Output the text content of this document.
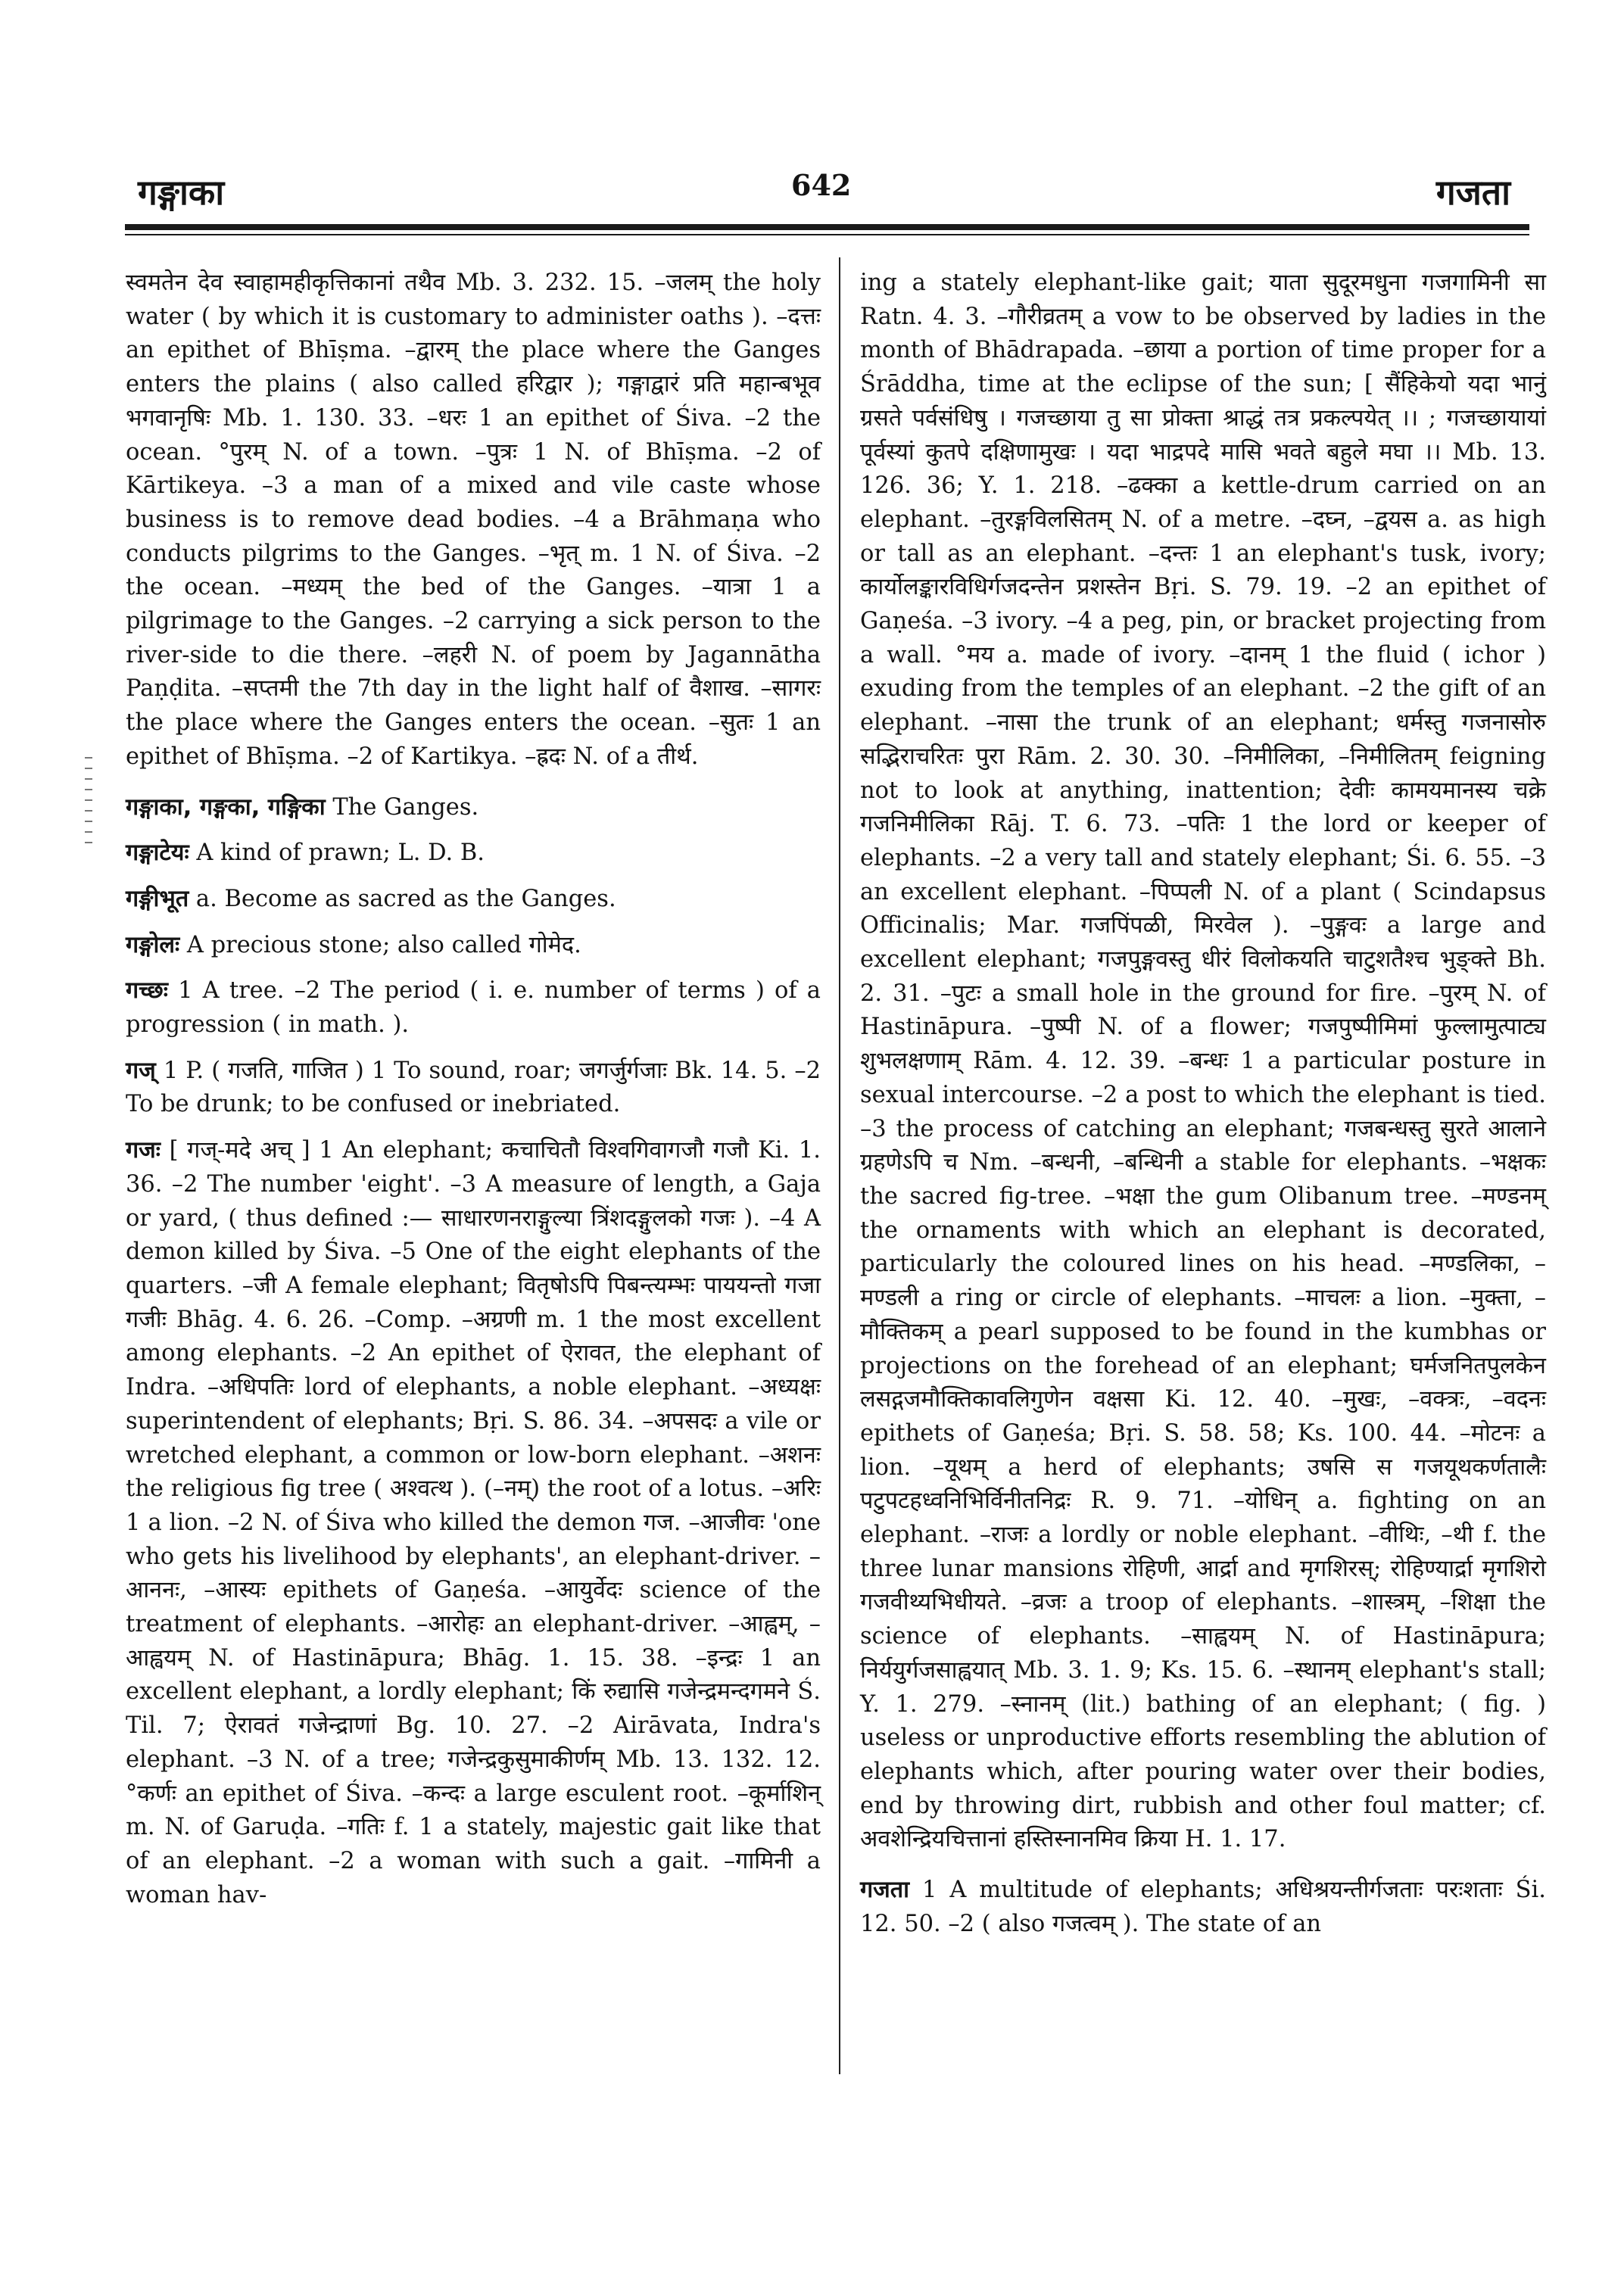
गङ्गाका	642	गजता

स्वमतेन देव स्वाहामहीकृत्तिकानां तथैव Mb. 3. 232. 15. –जलम् the holy water ( by which it is customary to administer oaths ). –दत्तः an epithet of Bhīṣma. –द्वारम् the place where the Ganges enters the plains ( also called हरिद्वार ); गङ्गाद्वारं प्रति महान्बभूव भगवानृषिः Mb. 1. 130. 33. –धरः 1 an epithet of Śiva. –2 the ocean. °पुरम् N. of a town. –पुत्रः 1 N. of Bhīṣma. –2 of Kārtikeya. –3 a man of a mixed and vile caste whose business is to remove dead bodies. –4 a Brāhmaṇa who conducts pilgrims to the Ganges. –भृत् m. 1 N. of Śiva. –2 the ocean. –मध्यम् the bed of the Ganges. –यात्रा 1 a pilgrimage to the Ganges. –2 carrying a sick person to the river-side to die there. –लहरी N. of poem by Jagannātha Paṇḍita. –सप्तमी the 7th day in the light half of वैशाख. –सागरः the place where the Ganges enters the ocean. –सुतः 1 an epithet of Bhīṣma. –2 of Kartikya. –ह्रदः N. of a तीर्थ.

गङ्गाका, गङ्गका, गङ्गिका The Ganges.

गङ्गाटेयः A kind of prawn; L. D. B.

गङ्गीभूत a. Become as sacred as the Ganges.

गङ्गोलः A precious stone; also called गोमेद.

गच्छः 1 A tree. –2 The period ( i. e. number of terms ) of a progression ( in math. ).

गज् 1 P. ( गजति, गाजित ) 1 To sound, roar; जगर्जुर्गजाः Bk. 14. 5. –2 To be drunk; to be confused or inebriated.

गजः [ गज्-मदे अच् ] 1 An elephant; कचाचितौ विश्वगिवागजौ गजौ Ki. 1. 36. –2 The number 'eight'. –3 A measure of length, a Gaja or yard, ( thus defined :— साधारणनराङ्गुल्या त्रिंशदङ्गुलको गजः ). –4 A demon killed by Śiva. –5 One of the eight elephants of the quarters. –जी A female elephant; वितृषोऽपि पिबन्त्यम्भः पाययन्तो गजा गजीः Bhāg. 4. 6. 26. –Comp. –अग्रणी m. 1 the most excellent among elephants. –2 An epithet of ऐरावत, the elephant of Indra. –अधिपतिः lord of elephants, a noble elephant. –अध्यक्षः superintendent of elephants; Bṛi. S. 86. 34. –अपसदः a vile or wretched elephant, a common or low-born elephant. –अशनः the religious fig tree ( अश्वत्थ ). (–नम्) the root of a lotus. –अरिः 1 a lion. –2 N. of Śiva who killed the demon गज. –आजीवः 'one who gets his livelihood by elephants', an elephant-driver. –आननः, –आस्यः epithets of Gaṇeśa. –आयुर्वेदः science of the treatment of elephants. –आरोहः an elephant-driver. –आह्वम्, –आह्वयम् N. of Hastināpura; Bhāg. 1. 15. 38. –इन्द्रः 1 an excellent elephant, a lordly elephant; किं रुद्यासि गजेन्द्रमन्दगमने Ś. Til. 7; ऐरावतं गजेन्द्राणां Bg. 10. 27. –2 Airāvata, Indra's elephant. –3 N. of a tree; गजेन्द्रकुसुमाकीर्णम् Mb. 13. 132. 12. °कर्णः an epithet of Śiva. –कन्दः a large esculent root. –कूर्माशिन् m. N. of Garuḍa. –गतिः f. 1 a stately, majestic gait like that of an elephant. –2 a woman with such a gait. –गामिनी a woman hav-

ing a stately elephant-like gait; याता सुदूरमधुना गजगामिनी सा Ratn. 4. 3. –गौरीव्रतम् a vow to be observed by ladies in the month of Bhādrapada. –छाया a portion of time proper for a Śrāddha, time at the eclipse of the sun; [ सैंहिकेयो यदा भानुं ग्रसते पर्वसंधिषु । गजच्छाया तु सा प्रोक्ता श्राद्धं तत्र प्रकल्पयेत् ।। ; गजच्छायायां पूर्वस्यां कुतपे दक्षिणामुखः । यदा भाद्रपदे मासि भवते बहुले मघा ।। Mb. 13. 126. 36; Y. 1. 218. –ढक्का a kettle-drum carried on an elephant. –तुरङ्गविलसितम् N. of a metre. –दघ्न, –द्वयस a. as high or tall as an elephant. –दन्तः 1 an elephant's tusk, ivory; कार्योलङ्कारविधिर्गजदन्तेन प्रशस्तेन Bṛi. S. 79. 19. –2 an epithet of Gaṇeśa. –3 ivory. –4 a peg, pin, or bracket projecting from a wall. °मय a. made of ivory. –दानम् 1 the fluid ( ichor ) exuding from the temples of an elephant. –2 the gift of an elephant. –नासा the trunk of an elephant; धर्मस्तु गजनासोरु सद्भिराचरितः पुरा Rām. 2. 30. 30. –निमीलिका, –निमीलितम् feigning not to look at anything, inattention; देवीः कामयमानस्य चक्रे गजनिमीलिका Rāj. T. 6. 73. –पतिः 1 the lord or keeper of elephants. –2 a very tall and stately elephant; Śi. 6. 55. –3 an excellent elephant. –पिप्पली N. of a plant ( Scindapsus Officinalis; Mar. गजपिंपळी, मिरवेल ). –पुङ्गवः a large and excellent elephant; गजपुङ्गवस्तु धीरं विलोकयति चाटुशतैश्च भुङ्क्ते Bh. 2. 31. –पुटः a small hole in the ground for fire. –पुरम् N. of Hastināpura. –पुष्पी N. of a flower; गजपुष्पीमिमां फुल्लामुत्पाट्य शुभलक्षणाम् Rām. 4. 12. 39. –बन्धः 1 a particular posture in sexual intercourse. –2 a post to which the elephant is tied. –3 the process of catching an elephant; गजबन्धस्तु सुरते आलाने ग्रहणेऽपि च Nm. –बन्धनी, –बन्धिनी a stable for elephants. –भक्षकः the sacred fig-tree. –भक्षा the gum Olibanum tree. –मण्डनम् the ornaments with which an elephant is decorated, particularly the coloured lines on his head. –मण्डलिका, –मण्डली a ring or circle of elephants. –माचलः a lion. –मुक्ता, –मौक्तिकम् a pearl supposed to be found in the kumbhas or projections on the forehead of an elephant; घर्मजनितपुलकेन लसद्गजमौक्तिकावलिगुणेन वक्षसा Ki. 12. 40. –मुखः, –वक्त्रः, –वदनः epithets of Gaṇeśa; Bṛi. S. 58. 58; Ks. 100. 44. –मोटनः a lion. –यूथम् a herd of elephants; उषसि स गजयूथकर्णतालैः पटुपटहध्वनिभिर्विनीतनिद्रः R. 9. 71. –योधिन् a. fighting on an elephant. –राजः a lordly or noble elephant. –वीथिः, –थी f. the three lunar mansions रोहिणी, आर्द्रा and मृगशिरस्; रोहिण्यार्द्रा मृगशिरो गजवीथ्यभिधीयते. –व्रजः a troop of elephants. –शास्त्रम्, –शिक्षा the science of elephants. –साह्वयम् N. of Hastināpura; निर्ययुर्गजसाह्वयात् Mb. 3. 1. 9; Ks. 15. 6. –स्थानम् elephant's stall; Y. 1. 279. –स्नानम् (lit.) bathing of an elephant; ( fig. ) useless or unproductive efforts resembling the ablution of elephants which, after pouring water over their bodies, end by throwing dirt, rubbish and other foul matter; cf. अवशेन्द्रियचित्तानां हस्तिस्नानमिव क्रिया H. 1. 17.

गजता 1 A multitude of elephants; अधिश्रयन्तीर्गजताः परःशताः Śi. 12. 50. –2 ( also गजत्वम् ). The state of an
